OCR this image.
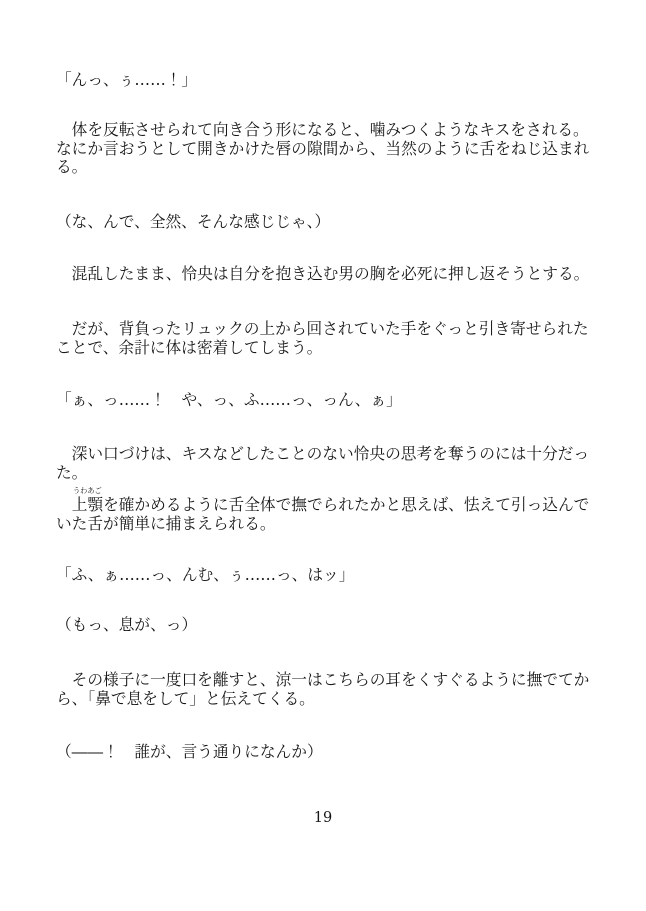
「んっ、ぅ……！」
　体を反転させられて向き合う形になると、噛みつくようなキスをされる。
なにか言おうとして開きかけた唇の隙間から、当然のように舌をねじ込まれ
る。
（な、んで、全然、そんな感じじゃ、）
　混乱したまま、怜央は自分を抱き込む男の胸を必死に押し返そうとする。
　だが、背負ったリュックの上から回されていた手をぐっと引き寄せられた
ことで、余計に体は密着してしまう。
「ぁ、っ……！　や、っ、ふ……っ、っん、ぁ」
　深い口づけは、キスなどしたことのない怜央の思考を奪うのには十分だっ
た。

うわあご
上顎を確かめるように舌全体で撫でられたかと思えば、怯えて引っ込んで
いた舌が簡単に捕まえられる。
「ふ、ぁ……っ、んむ、ぅ……っ、はッ」
（もっ、息が、っ）
　その様子に一度口を離すと、涼一はこちらの耳をくすぐるように撫でてか
ら、「鼻で息をして」と伝えてくる。
（――！　誰が、言う通りになんか）
19
